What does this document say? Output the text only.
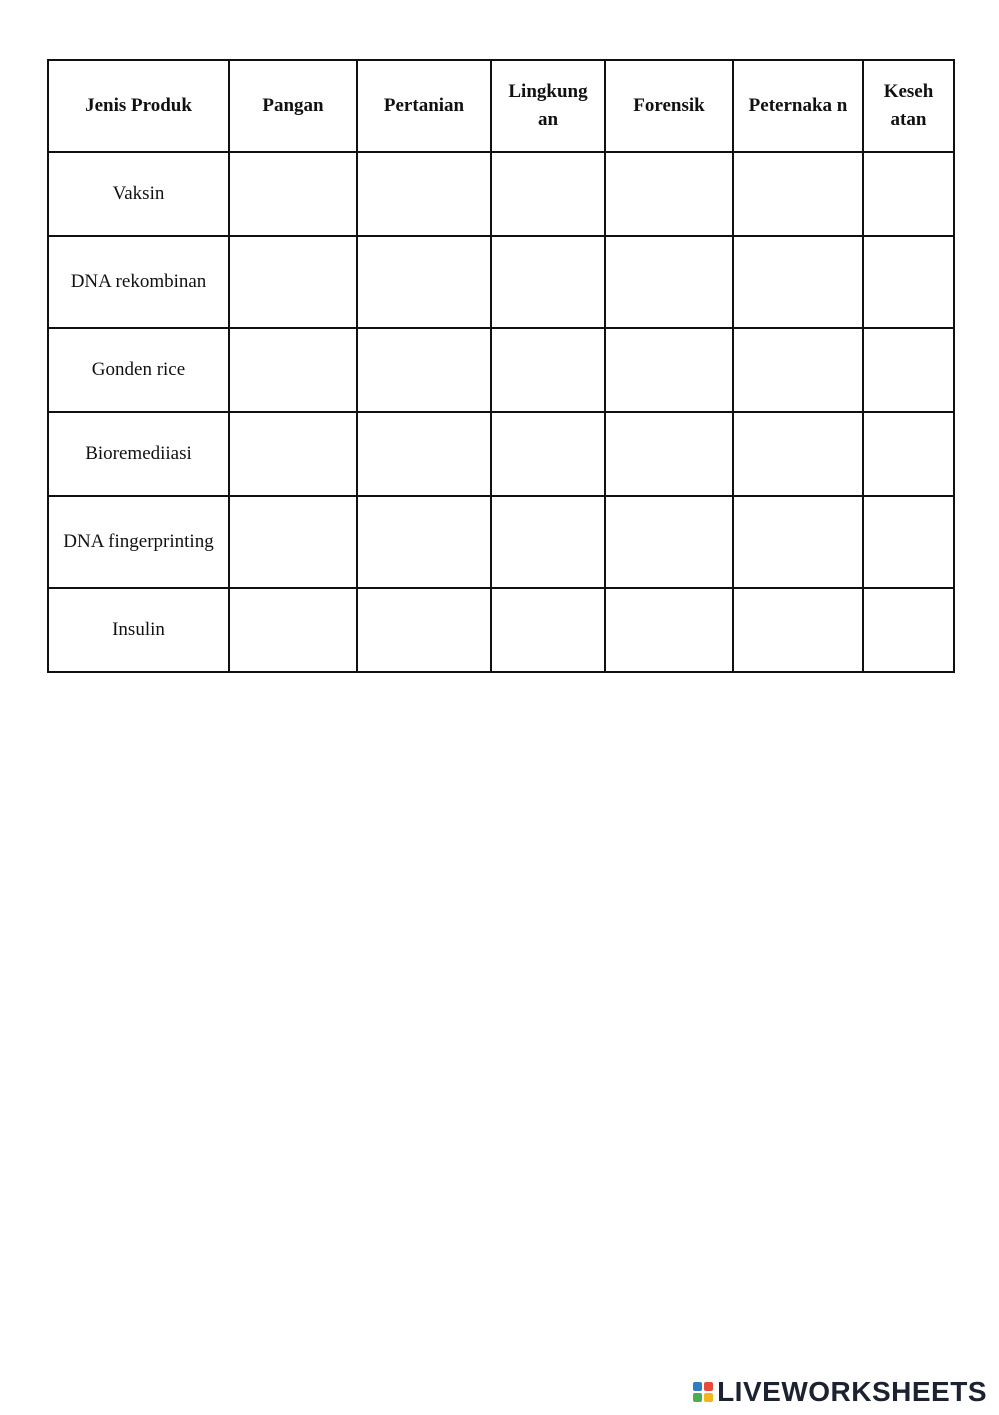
Jenis Produk	Pangan	Pertanian	Lingkung an	Forensik	Peternaka n	Keseh atan
Vaksin						
DNA rekombinan						
Gonden rice						
Bioremediiasi						
DNA fingerprinting						
Insulin						
LIVEWORKSHEETS
